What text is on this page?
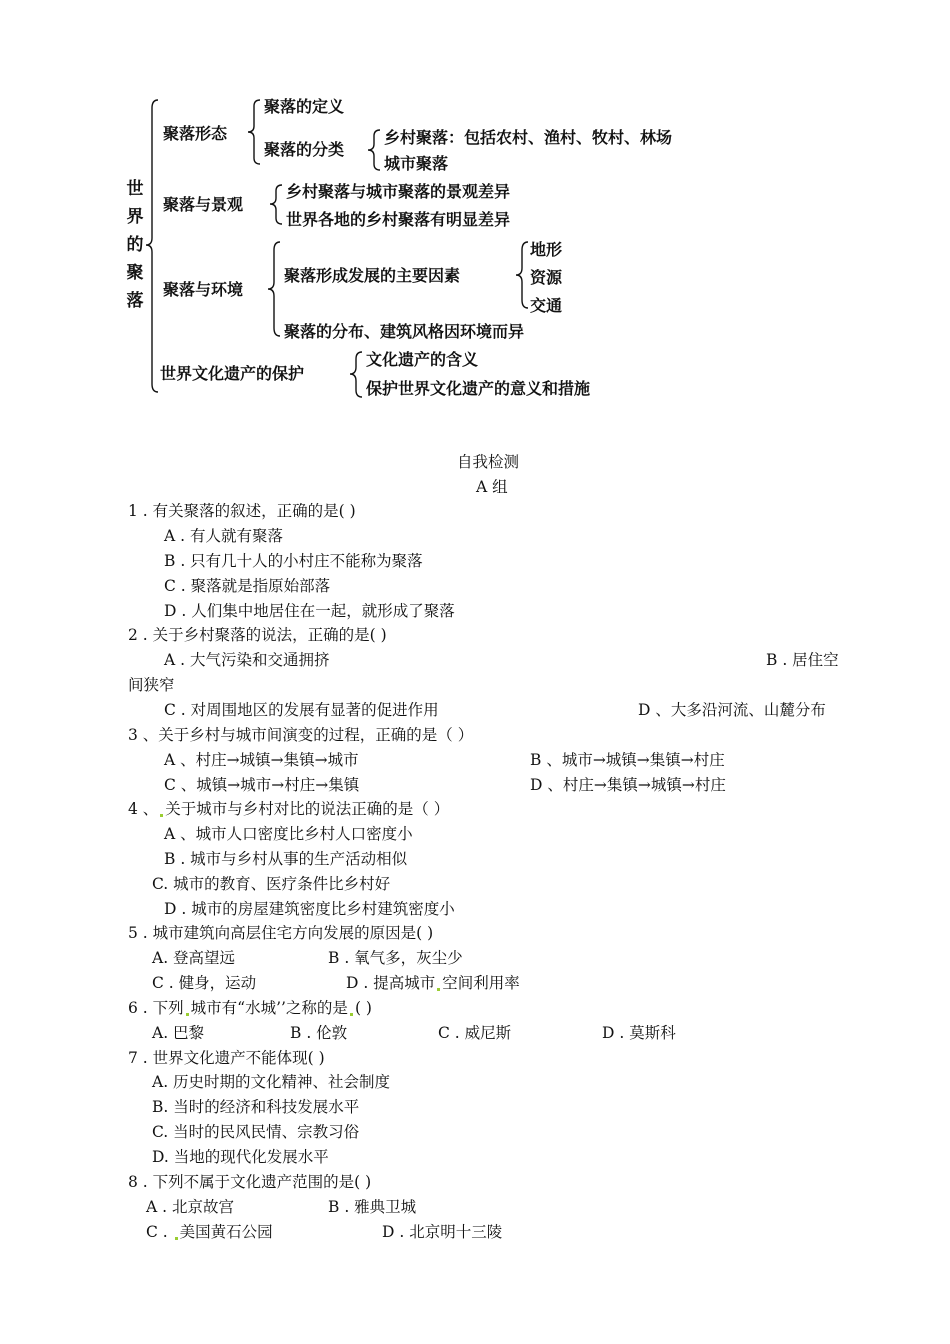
世
界
的
聚
落
聚落形态
聚落的定义
聚落的分类
乡村聚落：包括农村、渔村、牧村、林场
城市聚落
聚落与景观
乡村聚落与城市聚落的景观差异
世界各地的乡村聚落有明显差异
聚落与环境
聚落形成发展的主要因素
地形
资源
交通
聚落的分布、建筑风格因环境而异
世界文化遗产的保护
文化遗产的含义
保护世界文化遗产的意义和措施
自我检测
A 组
1 . 有关聚落的叙述，正确的是( )
A . 有人就有聚落
B . 只有几十人的小村庄不能称为聚落
C . 聚落就是指原始部落
D . 人们集中地居住在一起，就形成了聚落
2 . 关于乡村聚落的说法，正确的是( )
A . 大气污染和交通拥挤	B . 居住空
间狭窄
C . 对周围地区的发展有显著的促进作用	D 、大多沿河流、山麓分布
3 、关于乡村与城市间演变的过程，正确的是（ ）
A 、村庄→城镇→集镇→城市	B 、城市→城镇→集镇→村庄
C 、城镇→城市→村庄→集镇	D 、村庄→集镇→城镇→村庄
4 、 关于城市与乡村对比的说法正确的是（ ）
A 、城市人口密度比乡村人口密度小
B . 城市与乡村从事的生产活动相似
C. 城市的教育、医疗条件比乡村好
D . 城市的房屋建筑密度比乡村建筑密度小
5 . 城市建筑向高层住宅方向发展的原因是( )
A. 登高望远	B . 氧气多，灰尘少
C . 健身，运动	D . 提高城市 空间利用率
6 . 下列 城市有“水城’’之称的是 ( )
A. 巴黎	B . 伦敦	C . 威尼斯	D . 莫斯科
7 . 世界文化遗产不能体现( )
A. 历史时期的文化精神、社会制度
B. 当时的经济和科技发展水平
C. 当时的民风民情、宗教习俗
D. 当地的现代化发展水平
8 . 下列不属于文化遗产范围的是( )
A . 北京故宫	B . 雅典卫城
C . 美国黄石公园	D . 北京明十三陵
